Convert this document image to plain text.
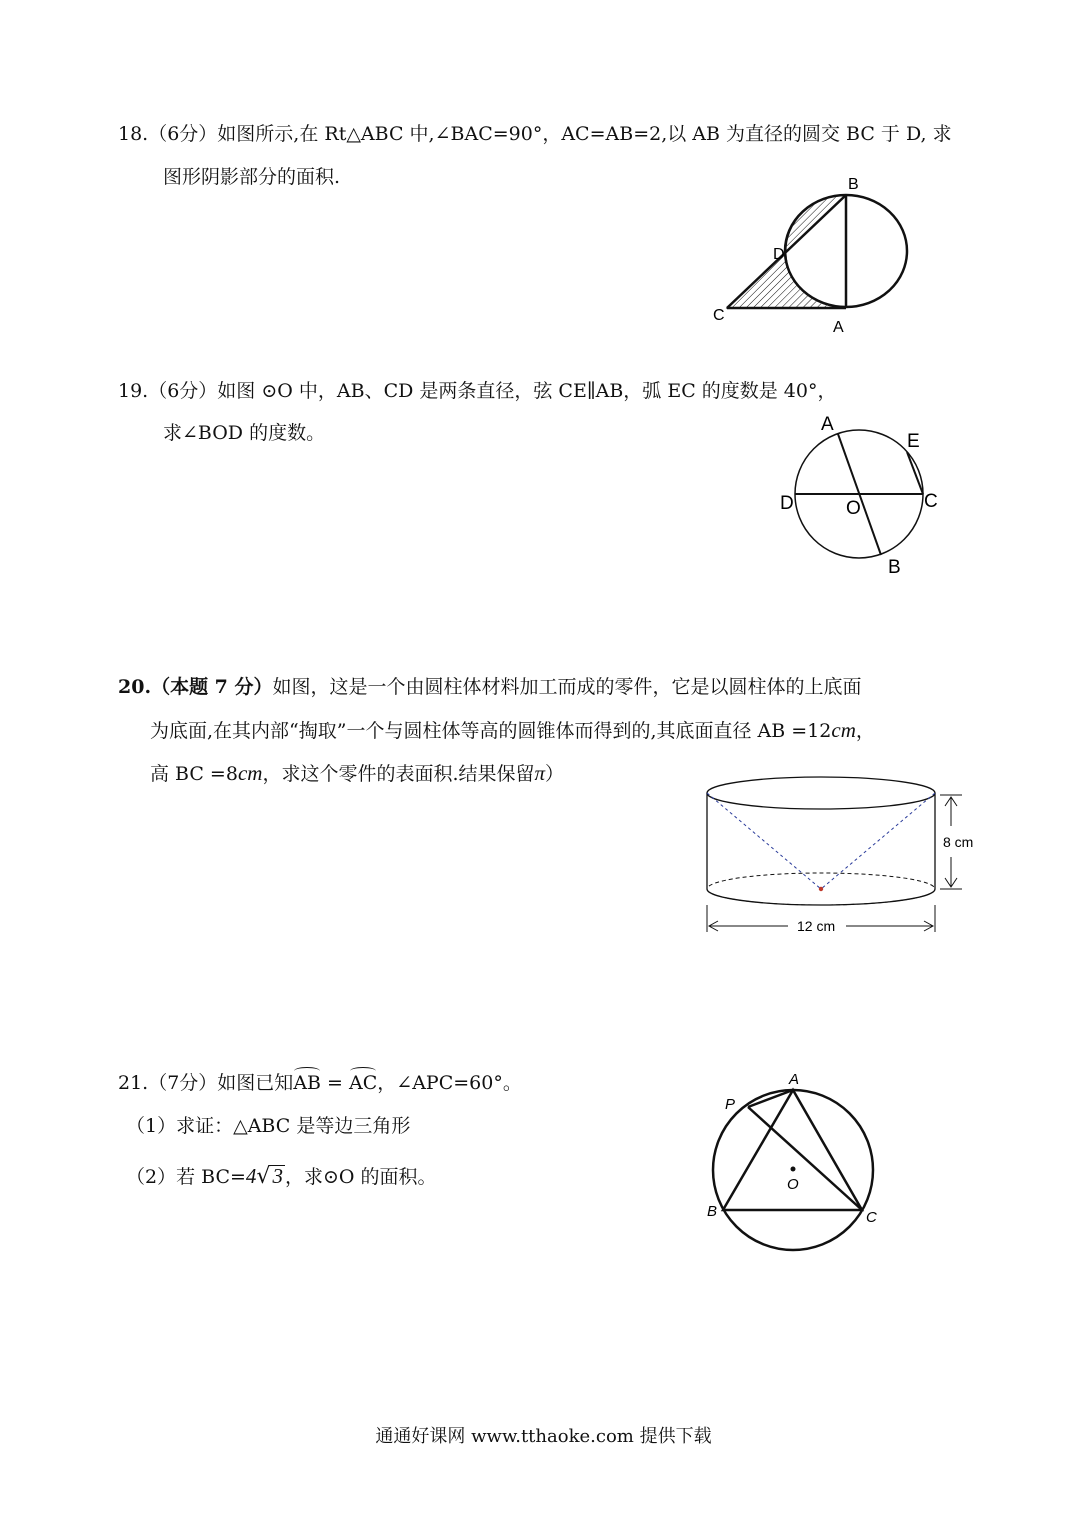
18.（6分）如图所示,在 Rt△ABC 中,∠BAC=90°，AC=AB=2,以 AB 为直径的圆交 BC 于 D, 求
图形阴影部分的面积.	B
D
C
A
19.（6分）如图 ⊙O 中，AB、CD 是两条直径，弦 CE∥AB，弧 EC 的度数是 40°，
求∠BOD 的度数。	A
E
D	O	C
B
20.（本题 7 分）如图，这是一个由圆柱体材料加工而成的零件，它是以圆柱体的上底面
为底面,在其内部“掏取”一个与圆柱体等高的圆锥体而得到的,其底面直径 AB =12cm，
高 BC =8cm，求这个零件的表面积.结果保留π）
8 cm
12 cm
21.（7分）如图已知AB = AC，∠APC=60°。
（1）求证：△ABC 是等边三角形
（2）若 BC=4√3 ，求⊙O 的面积。
A
P
O
B	C
通通好课网 www.tthaoke.com 提供下载
